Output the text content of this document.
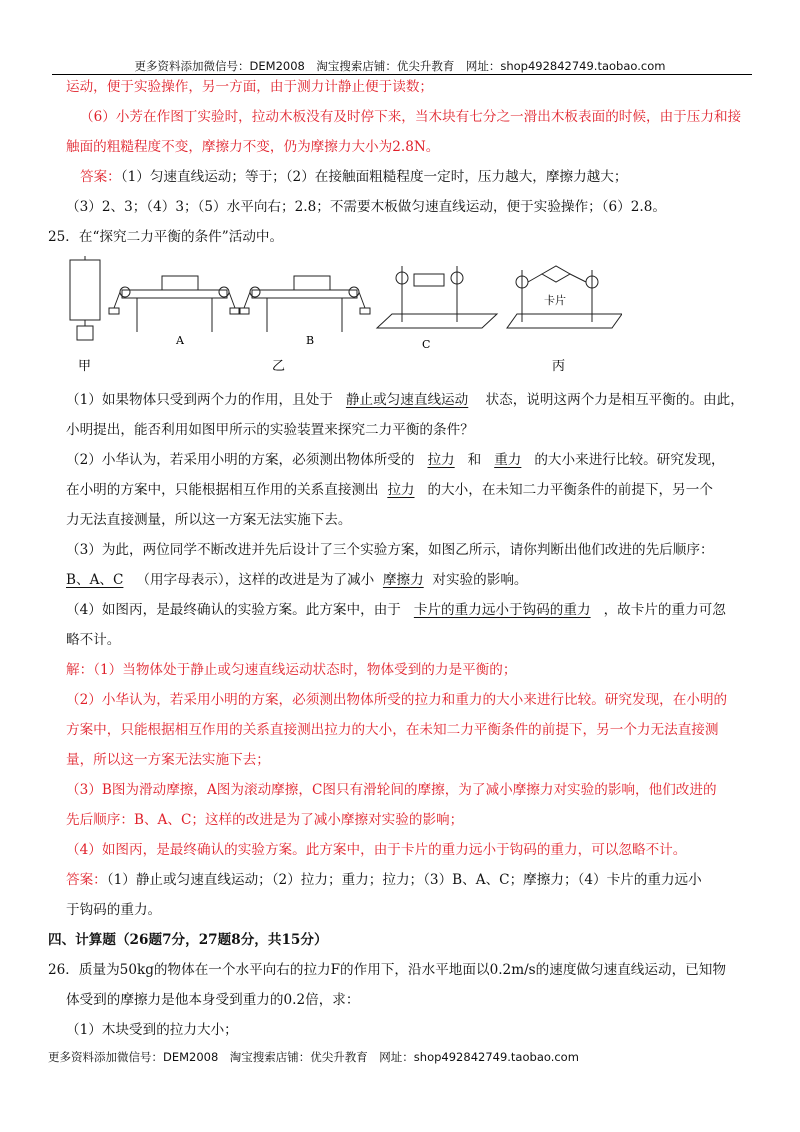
更多资料添加微信号：DEM2008　淘宝搜索店铺：优尖升教育　网址：shop492842749.taobao.com
运动，便于实验操作，另一方面，由于测力计静止便于读数；
（6）小芳在作图丁实验时，拉动木板没有及时停下来，当木块有七分之一滑出木板表面的时候，由于压力和接
触面的粗糙程度不变，摩擦力不变，仍为摩擦力大小为2.8N。
答案：（1）匀速直线运动；等于；（2）在接触面粗糙程度一定时，压力越大，摩擦力越大；
（3）2、3；（4）3；（5）水平向右；2.8；不需要木板做匀速直线运动，便于实验操作；（6）2.8。
25．在“探究二力平衡的条件”活动中。
A	B	C
卡片
甲	乙	丙
（1）如果物体只受到两个力的作用，且处于 静止或匀速直线运动 状态，说明这两个力是相互平衡的。由此，
小明提出，能否利用如图甲所示的实验装置来探究二力平衡的条件？
（2）小华认为，若采用小明的方案，必须测出物体所受的 拉力 和 重力 的大小来进行比较。研究发现，
在小明的方案中，只能根据相互作用的关系直接测出 拉力 的大小，在未知二力平衡条件的前提下，另一个
力无法直接测量，所以这一方案无法实施下去。
（3）为此，两位同学不断改进并先后设计了三个实验方案，如图乙所示，请你判断出他们改进的先后顺序：
B、A、C （用字母表示），这样的改进是为了减小 摩擦力 对实验的影响。
（4）如图丙，是最终确认的实验方案。此方案中，由于 卡片的重力远小于钩码的重力 ，故卡片的重力可忽
略不计。
解：（1）当物体处于静止或匀速直线运动状态时，物体受到的力是平衡的；
（2）小华认为，若采用小明的方案，必须测出物体所受的拉力和重力的大小来进行比较。研究发现，在小明的
方案中，只能根据相互作用的关系直接测出拉力的大小，在未知二力平衡条件的前提下，另一个力无法直接测
量，所以这一方案无法实施下去；
（3）B图为滑动摩擦，A图为滚动摩擦，C图只有滑轮间的摩擦，为了减小摩擦力对实验的影响，他们改进的
先后顺序：B、A、C；这样的改进是为了减小摩擦对实验的影响；
（4）如图丙，是最终确认的实验方案。此方案中，由于卡片的重力远小于钩码的重力，可以忽略不计。
答案：（1）静止或匀速直线运动；（2）拉力；重力；拉力；（3）B、A、C；摩擦力；（4）卡片的重力远小
于钩码的重力。
四、计算题（26题7分，27题8分，共15分）
26．质量为50kg的物体在一个水平向右的拉力F的作用下，沿水平地面以0.2m/s的速度做匀速直线运动，已知物
体受到的摩擦力是他本身受到重力的0.2倍，求：
（1）木块受到的拉力大小；
更多资料添加微信号：DEM2008　淘宝搜索店铺：优尖升教育　网址：shop492842749.taobao.com
